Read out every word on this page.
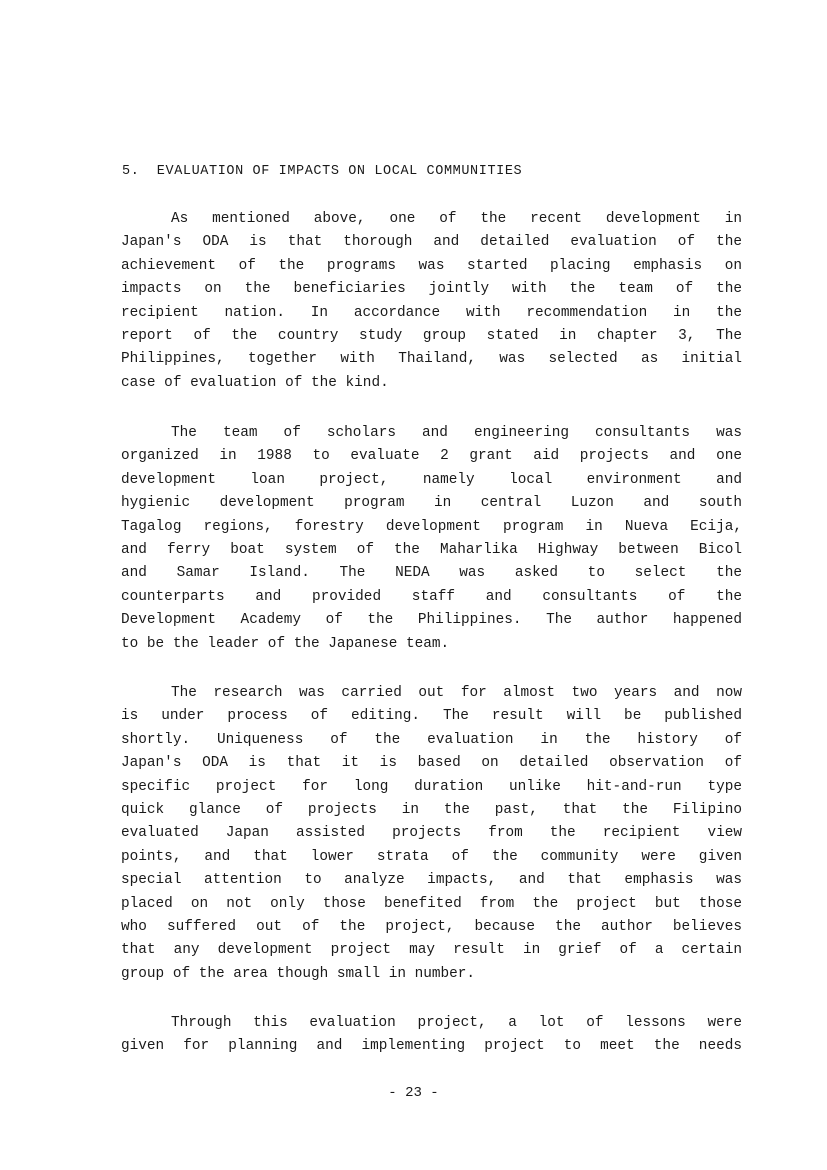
5.  EVALUATION OF IMPACTS ON LOCAL COMMUNITIES
As mentioned above, one of the recent development in
Japan's ODA is that thorough and detailed evaluation of the
achievement of the programs was started placing emphasis on
impacts on the beneficiaries jointly with the team of the
recipient nation. In accordance with recommendation in the
report of the country study group stated in chapter 3, The
Philippines, together with Thailand, was selected as initial
case of evaluation of the kind.
The team of scholars and engineering consultants was
organized in 1988 to evaluate 2 grant aid projects and one
development loan project, namely local environment and
hygienic development program in central Luzon and south
Tagalog regions, forestry development program in Nueva Ecija,
and ferry boat system of the Maharlika Highway between Bicol
and Samar Island. The NEDA was asked to select the
counterparts and provided staff and consultants of the
Development Academy of the Philippines. The author happened
to be the leader of the Japanese team.
The research was carried out for almost two years and now
is under process of editing. The result will be published
shortly. Uniqueness of the evaluation in the history of
Japan's ODA is that it is based on detailed observation of
specific project for long duration unlike hit-and-run type
quick glance of projects in the past, that the Filipino
evaluated Japan assisted projects from the recipient view
points, and that lower strata of the community were given
special attention to analyze impacts, and that emphasis was
placed on not only those benefited from the project but those
who suffered out of the project, because the author believes
that any development project may result in grief of a certain
group of the area though small in number.
Through this evaluation project, a lot of lessons were
given for planning and implementing project to meet the needs
- 23 -
